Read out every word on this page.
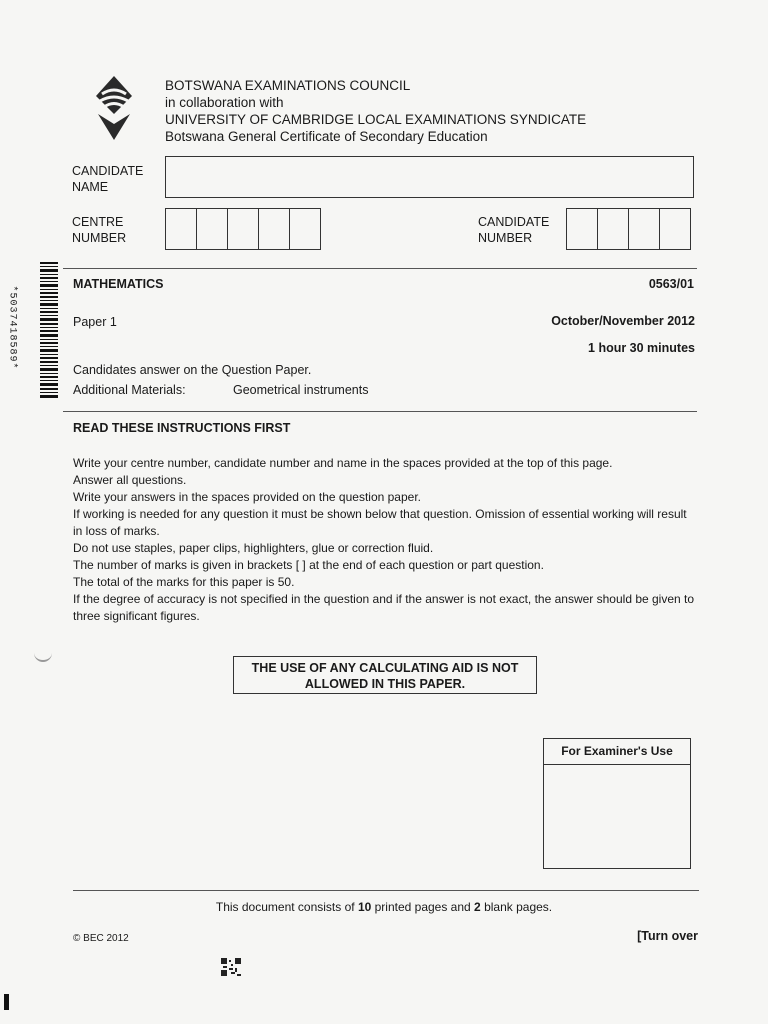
BOTSWANA EXAMINATIONS COUNCIL
in collaboration with
UNIVERSITY OF CAMBRIDGE LOCAL EXAMINATIONS SYNDICATE
Botswana General Certificate of Secondary Education
CANDIDATE
NAME
CENTRE
NUMBER
CANDIDATE
NUMBER
*5037418589*
MATHEMATICS	0563/01
Paper 1	October/November 2012
1 hour 30 minutes
Candidates answer on the Question Paper.
Additional Materials:	Geometrical instruments
READ THESE INSTRUCTIONS FIRST

Write your centre number, candidate number and name in the spaces provided at the top of this page.

Answer all questions.

Write your answers in the spaces provided on the question paper.

If working is needed for any question it must be shown below that question. Omission of essential working will result in loss of marks.

Do not use staples, paper clips, highlighters, glue or correction fluid.

The number of marks is given in brackets [ ] at the end of each question or part question.

The total of the marks for this paper is 50.

If the degree of accuracy is not specified in the question and if the answer is not exact, the answer should be given to three significant figures.

THE USE OF ANY CALCULATING AID IS NOT
ALLOWED IN THIS PAPER.
For Examiner's Use
This document consists of 10 printed pages and 2 blank pages.
© BEC 2012	[Turn over
